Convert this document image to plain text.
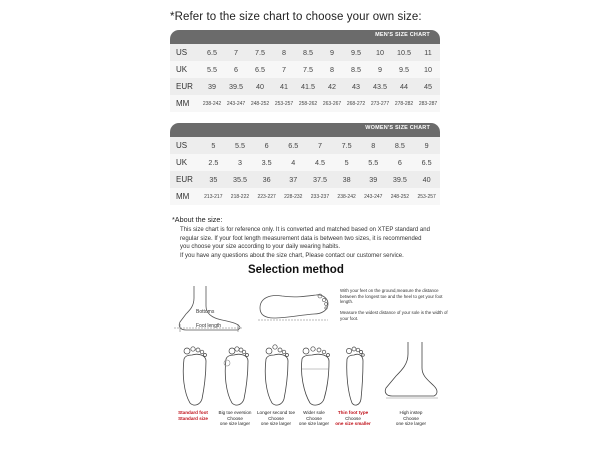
*Refer to the size chart to choose your own size:
MEN'S SIZE CHART
US	6.5	7	7.5	8	8.5	9	9.5	10	10.5	11
UK	5.5	6	6.5	7	7.5	8	8.5	9	9.5	10
EUR	39	39.5	40	41	41.5	42	43	43.5	44	45
MM	238-242	243-247	248-252	253-257	258-262	263-267	268-272	273-277	278-282	283-287
WOMEN'S SIZE CHART
US	5	5.5	6	6.5	7	7.5	8	8.5	9
UK	2.5	3	3.5	4	4.5	5	5.5	6	6.5
EUR	35	35.5	36	37	37.5	38	39	39.5	40
MM	213-217	218-222	223-227	228-232	233-237	238-242	243-247	248-252	253-257
*About the size:
This size chart is for reference only. It is converted and matched based on XTEP standard and
regular size. If your foot length measurement data is between two sizes, it is recommended
you choose your size according to your daily wearing habits.
If you have any questions about the size chart, Please contact our customer service.
Selection method
Bottoms
Foot length
With your feet on the ground,measure the distance between the longest toe and the heel to get your foot length.
Measure the widest distance of your sole is the width of your foot.
Standard foot
Standard size
Big toe eversion
Choose
one size larger
Longer second toe
Choose
one size larger
Wider sole
Choose
one size larger
Thin foot type
Choose
one size smaller
High instep
Choose
one size larger
